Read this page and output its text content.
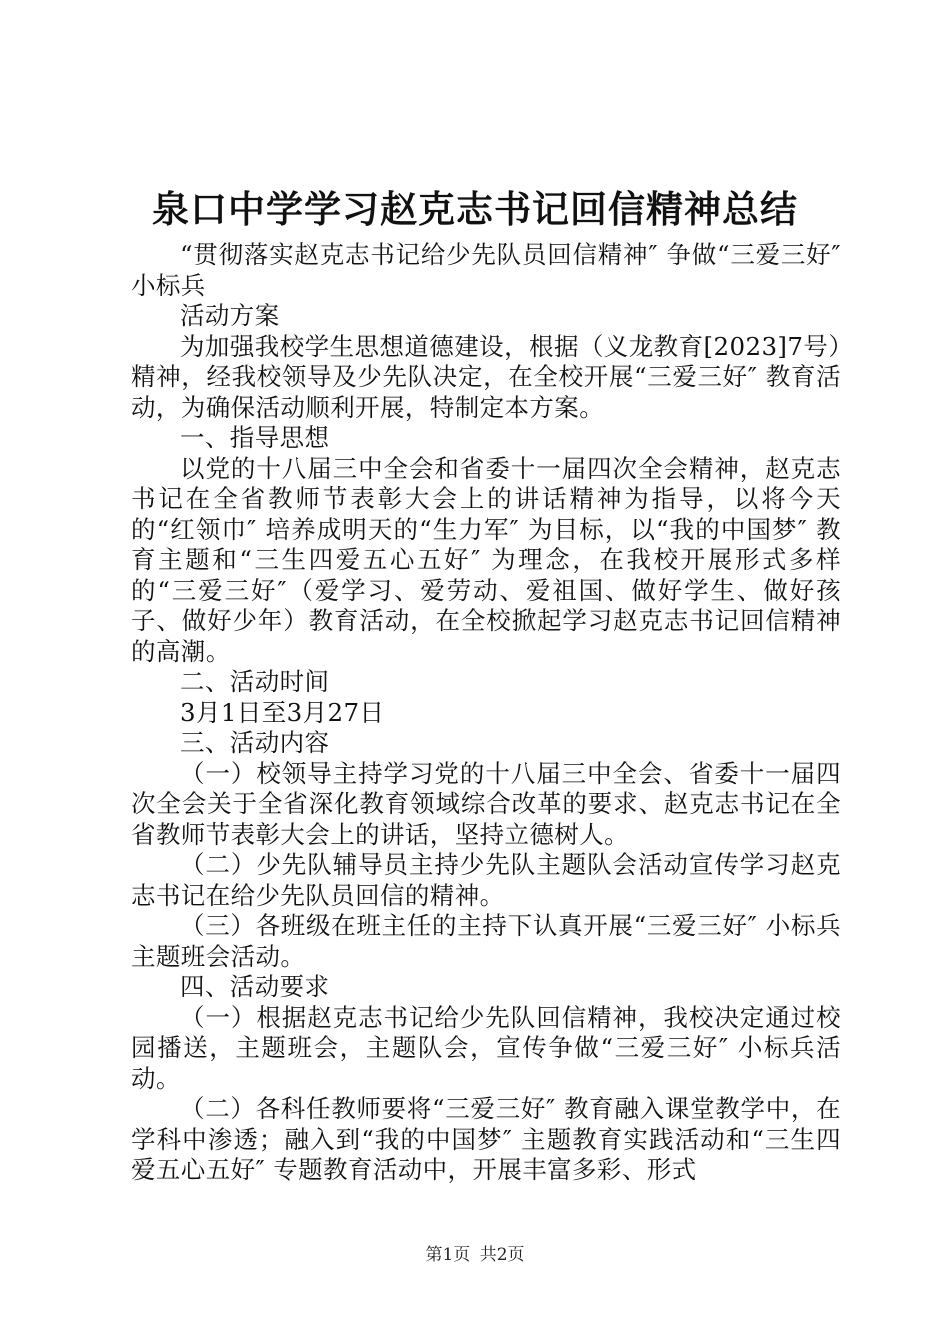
泉口中学学习赵克志书记回信精神总结

“贯彻落实赵克志书记给少先队员回信精神″ 争做“三爱三好″ 小标兵

活动方案

为加强我校学生思想道德建设，根据（义龙教育[2023]7号）精神，经我校领导及少先队决定，在全校开展“三爱三好″ 教育活动，为确保活动顺利开展，特制定本方案。

一、指导思想

以党的十八届三中全会和省委十一届四次全会精神，赵克志书记在全省教师节表彰大会上的讲话精神为指导，以将今天的“红领巾″ 培养成明天的“生力军″ 为目标，以“我的中国梦″ 教育主题和“三生四爱五心五好″ 为理念，在我校开展形式多样的“三爱三好″（爱学习、爱劳动、爱祖国、做好学生、做好孩子、做好少年）教育活动，在全校掀起学习赵克志书记回信精神的高潮。

二、活动时间

3月1日至3月27日

三、活动内容

（一）校领导主持学习党的十八届三中全会、省委十一届四次全会关于全省深化教育领域综合改革的要求、赵克志书记在全省教师节表彰大会上的讲话，坚持立德树人。

（二）少先队辅导员主持少先队主题队会活动宣传学习赵克志书记在给少先队员回信的精神。

（三）各班级在班主任的主持下认真开展“三爱三好″ 小标兵主题班会活动。

四、活动要求

（一）根据赵克志书记给少先队回信精神，我校决定通过校园播送，主题班会，主题队会，宣传争做“三爱三好″ 小标兵活动。

（二）各科任教师要将“三爱三好″ 教育融入课堂教学中，在学科中渗透；融入到“我的中国梦″ 主题教育实践活动和“三生四爱五心五好″ 专题教育活动中，开展丰富多彩、形式

第1页 共2页
